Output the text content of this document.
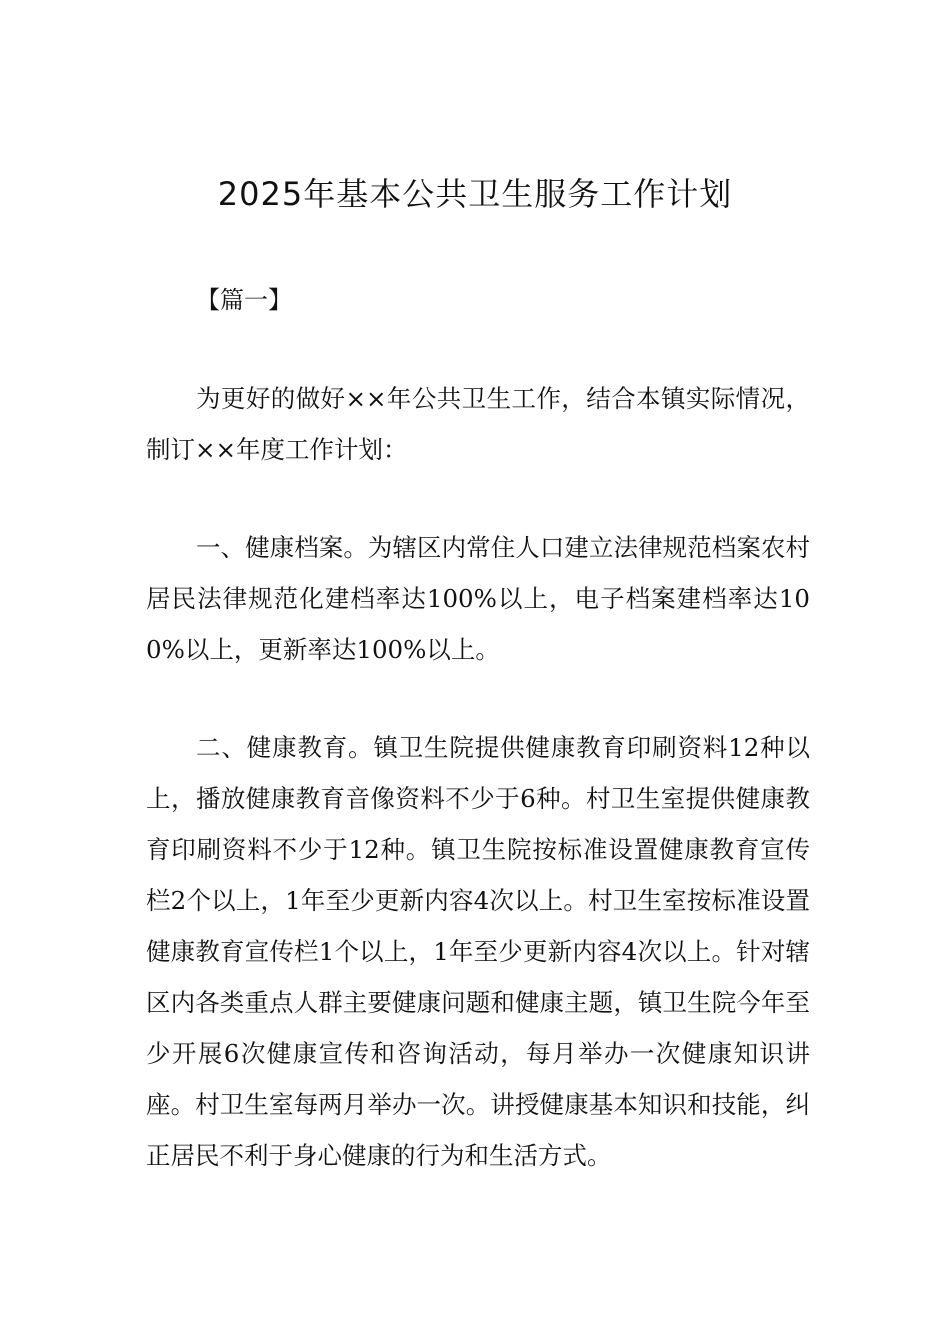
2025年基本公共卫生服务工作计划

【篇一】

为更好的做好××年公共卫生工作，结合本镇实际情况，制订××年度工作计划：

一、健康档案。为辖区内常住人口建立法律规范档案农村居民法律规范化建档率达100%以上，电子档案建档率达100%以上，更新率达100%以上。

二、健康教育。镇卫生院提供健康教育印刷资料12种以上，播放健康教育音像资料不少于6种。村卫生室提供健康教育印刷资料不少于12种。镇卫生院按标准设置健康教育宣传栏2个以上，1年至少更新内容4次以上。村卫生室按标准设置健康教育宣传栏1个以上，1年至少更新内容4次以上。针对辖区内各类重点人群主要健康问题和健康主题，镇卫生院今年至少开展6次健康宣传和咨询活动，每月举办一次健康知识讲座。村卫生室每两月举办一次。讲授健康基本知识和技能，纠正居民不利于身心健康的行为和生活方式。
